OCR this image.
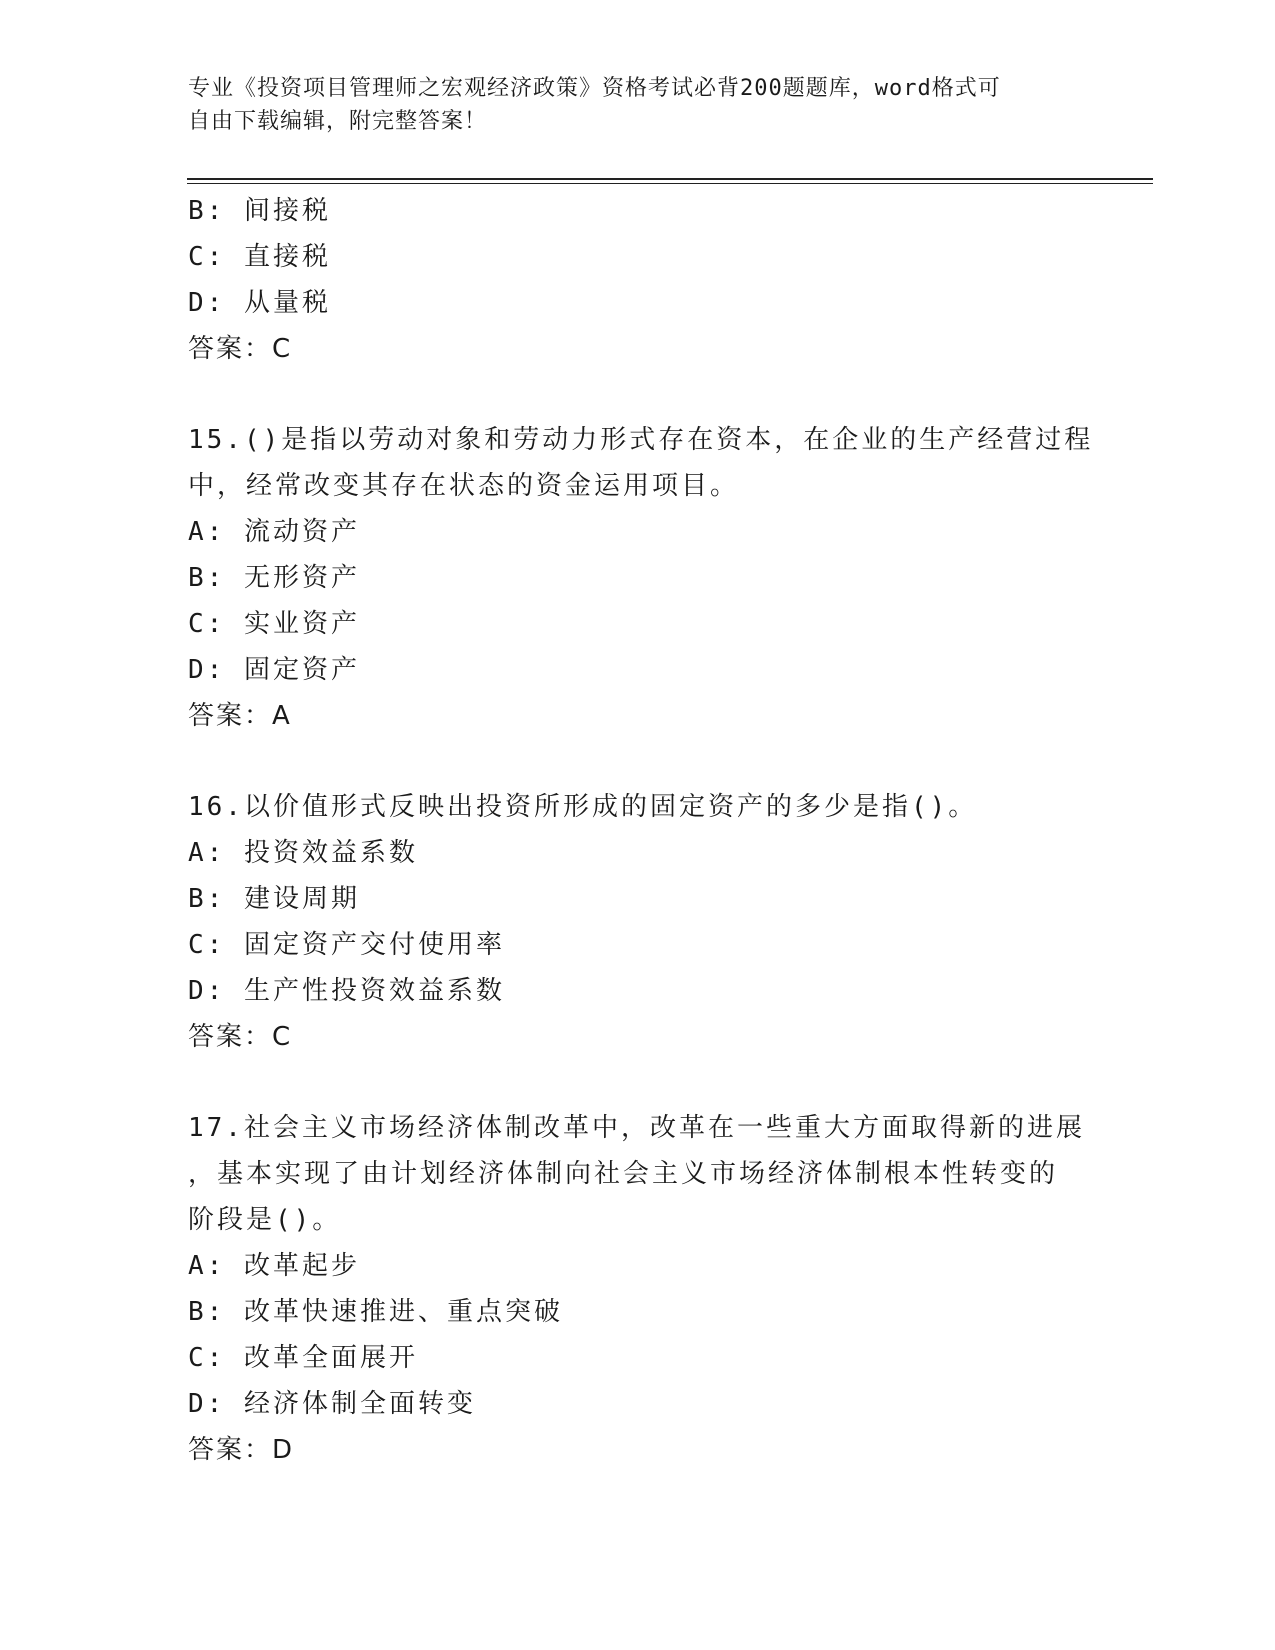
专业《投资项目管理师之宏观经济政策》资格考试必背200题题库，word格式可
自由下载编辑，附完整答案！
B: 间接税
C: 直接税
D: 从量税
答案：C
15.()是指以劳动对象和劳动力形式存在资本，在企业的生产经营过程
中，经常改变其存在状态的资金运用项目。
A: 流动资产
B: 无形资产
C: 实业资产
D: 固定资产
答案：A
16.以价值形式反映出投资所形成的固定资产的多少是指()。
A: 投资效益系数
B: 建设周期
C: 固定资产交付使用率
D: 生产性投资效益系数
答案：C
17.社会主义市场经济体制改革中，改革在一些重大方面取得新的进展
，基本实现了由计划经济体制向社会主义市场经济体制根本性转变的
阶段是()。
A: 改革起步
B: 改革快速推进、重点突破
C: 改革全面展开
D: 经济体制全面转变
答案：D
